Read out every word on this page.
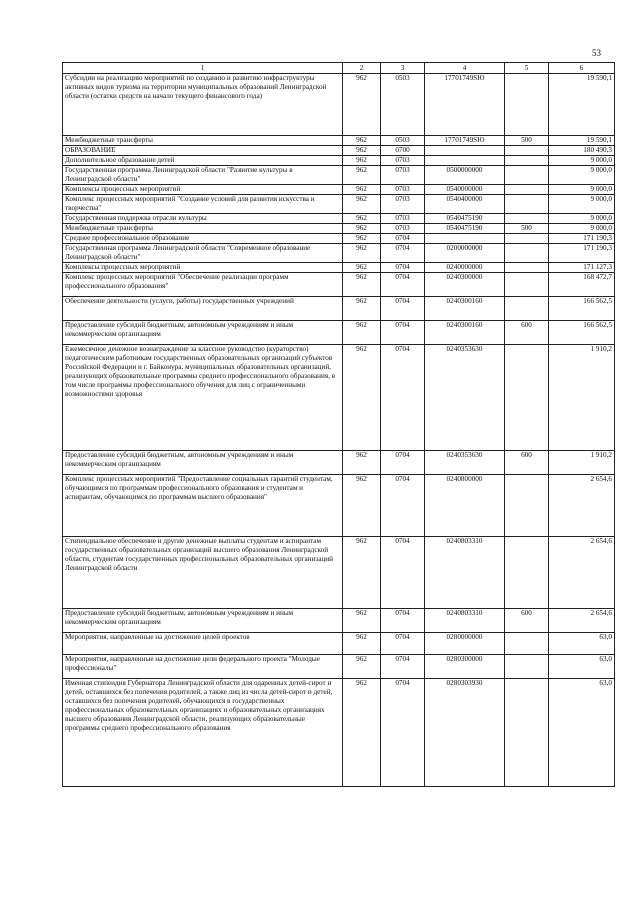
53
1	2	3	4	5	6
Субсидии на реализацию мероприятий по созданию и развитию инфраструктуры активных видов туризма на территории муниципальных образований Ленинградской области (остатки средств на начало текущего финансового года)	962	0503	17701749SЮ		19 590,1
Межбюджетные трансферты	962	0503	17701749SЮ	500	19 590,1
ОБРАЗОВАНИЕ	962	0700			180 490,3
Дополнительное образование детей	962	0703			9 000,0
Государственная программа Ленинградской области "Развитие культуры в Ленинградской области"	962	0703	0500000000		9 000,0
Комплексы процессных мероприятий	962	0703	0540000000		9 000,0
Комплекс процессных мероприятий "Создание условий для развития искусства и творчества"	962	0703	0540400000		9 000,0
Государственная поддержка отрасли культуры	962	0703	0540475190		9 000,0
Межбюджетные трансферты	962	0703	0540475190	500	9 000,0
Среднее профессиональное образование	962	0704			171 190,3
Государственная программа Ленинградской области "Современное образование Ленинградской области"	962	0704	0200000000		171 190,3
Комплексы процессных мероприятий	962	0704	0240000000		171 127,3
Комплекс процессных мероприятий "Обеспечение реализации программ профессионального образования"	962	0704	0240300000		168 472,7
Обеспечение деятельности (услуги, работы) государственных учреждений	962	0704	0240300160		166 562,5
Предоставление субсидий бюджетным, автономным учреждениям и иным некоммерческим организациям	962	0704	0240300160	600	166 562,5
Ежемесячное денежное вознаграждение за классное руководство (кураторство) педагогическим работникам государственных образовательных организаций субъектов Российской Федерации и г. Байконура, муниципальных образовательных организаций, реализующих образовательные программы среднего профессионального образования, в том числе программы профессионального обучения для лиц с ограниченными возможностями здоровья	962	0704	0240353630		1 910,2
Предоставление субсидий бюджетным, автономным учреждениям и иным некоммерческим организациям	962	0704	0240353630	600	1 910,2
Комплекс процессных мероприятий "Предоставление социальных гарантий студентам, обучающимся по программам профессионального образования и студентам и аспирантам, обучающимся по программам высшего образования"	962	0704	0240800000		2 654,6
Стипендиальное обеспечение и другие денежные выплаты студентам и аспирантам государственных образовательных организаций высшего образования Ленинградской области, студентам государственных профессиональных образовательных организаций Ленинградской области	962	0704	0240803310		2 654,6
Предоставление субсидий бюджетным, автономным учреждениям и иным некоммерческим организациям	962	0704	0240803310	600	2 654,6
Мероприятия, направленные на достижение целей проектов	962	0704	0280000000		63,0
Мероприятия, направленные на достижение цели федерального проекта "Молодые профессионалы"	962	0704	0280300000		63,0
Именная стипендия Губернатора Ленинградской области для одаренных детей-сирот и детей, оставшихся без попечения родителей, а также лиц из числа детей-сирот и детей, оставшихся без попечения родителей, обучающихся в государственных профессиональных образовательных организациях и образовательных организациях высшего образования Ленинградской области, реализующих образовательные программы среднего профессионального образования	962	0704	0280303930		63,0
